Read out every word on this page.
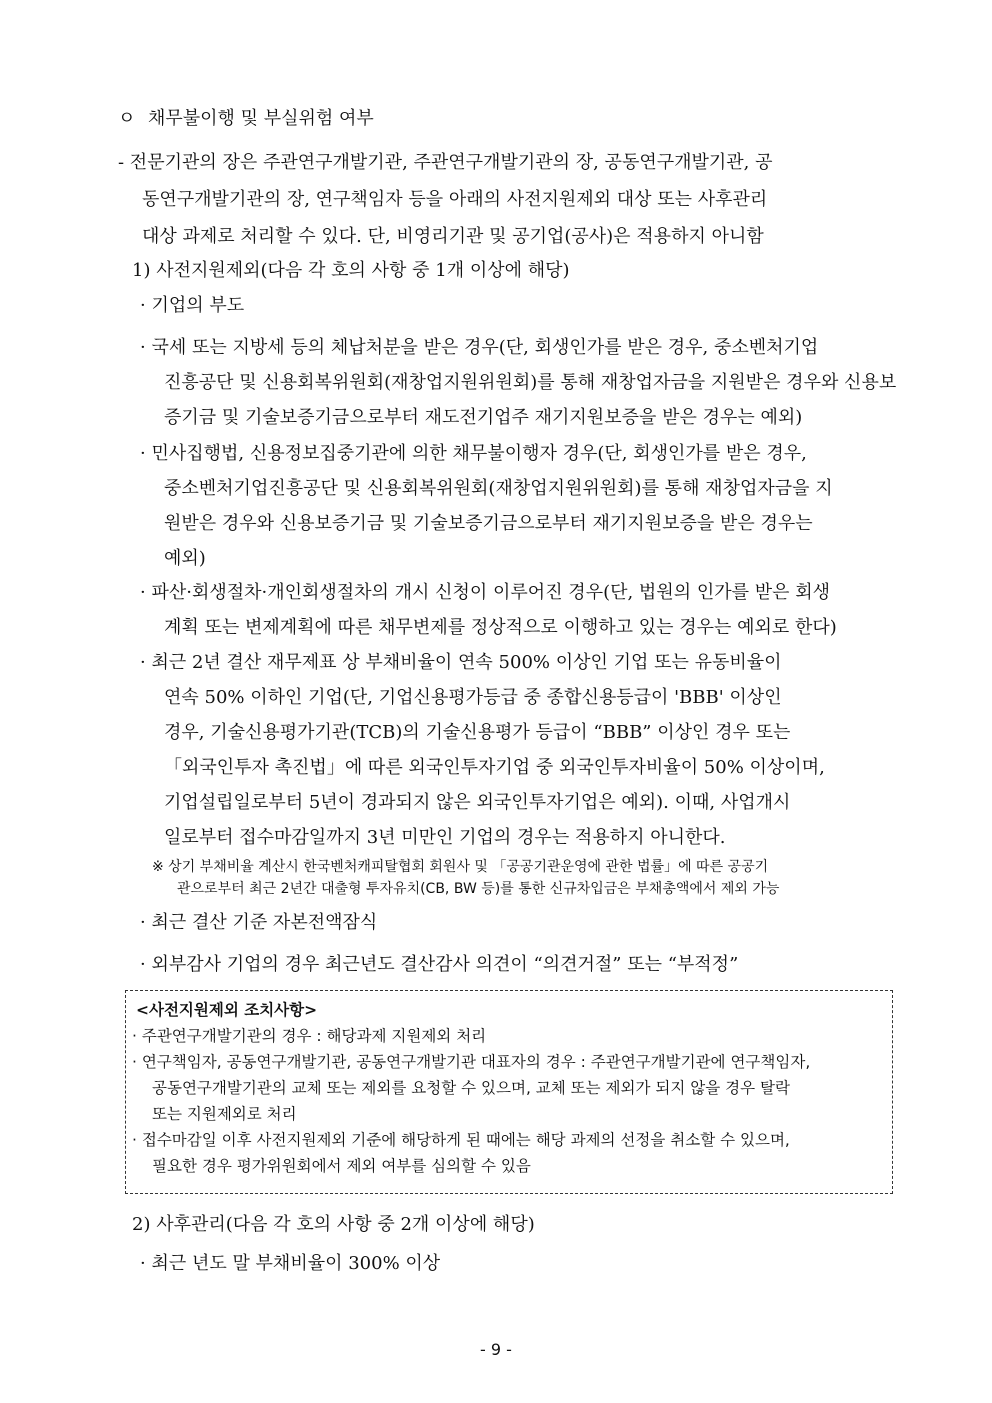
ㅇ 채무불이행 및 부실위험 여부
- 전문기관의 장은 주관연구개발기관, 주관연구개발기관의 장, 공동연구개발기관, 공
동연구개발기관의 장, 연구책임자 등을 아래의 사전지원제외 대상 또는 사후관리
대상 과제로 처리할 수 있다. 단, 비영리기관 및 공기업(공사)은 적용하지 아니함
1) 사전지원제외(다음 각 호의 사항 중 1개 이상에 해당)
· 기업의 부도
· 국세 또는 지방세 등의 체납처분을 받은 경우(단, 회생인가를 받은 경우, 중소벤처기업
진흥공단 및 신용회복위원회(재창업지원위원회)를 통해 재창업자금을 지원받은 경우와 신용보
증기금 및 기술보증기금으로부터 재도전기업주 재기지원보증을 받은 경우는 예외)
· 민사집행법, 신용정보집중기관에 의한 채무불이행자 경우(단, 회생인가를 받은 경우,
중소벤처기업진흥공단 및 신용회복위원회(재창업지원위원회)를 통해 재창업자금을 지
원받은 경우와 신용보증기금 및 기술보증기금으로부터 재기지원보증을 받은 경우는
예외)
· 파산·회생절차·개인회생절차의 개시 신청이 이루어진 경우(단, 법원의 인가를 받은 회생
계획 또는 변제계획에 따른 채무변제를 정상적으로 이행하고 있는 경우는 예외로 한다)
· 최근 2년 결산 재무제표 상 부채비율이 연속 500% 이상인 기업 또는 유동비율이
연속 50% 이하인 기업(단, 기업신용평가등급 중 종합신용등급이 'BBB' 이상인
경우, 기술신용평가기관(TCB)의 기술신용평가 등급이 “BBB” 이상인 경우 또는
「외국인투자 촉진법」에 따른 외국인투자기업 중 외국인투자비율이 50% 이상이며,
기업설립일로부터 5년이 경과되지 않은 외국인투자기업은 예외). 이때, 사업개시
일로부터 접수마감일까지 3년 미만인 기업의 경우는 적용하지 아니한다.
※ 상기 부채비율 계산시 한국벤처캐피탈협회 회원사 및 「공공기관운영에 관한 법률」에 따른 공공기
관으로부터 최근 2년간 대출형 투자유치(CB, BW 등)를 통한 신규차입금은 부채총액에서 제외 가능
· 최근 결산 기준 자본전액잠식
· 외부감사 기업의 경우 최근년도 결산감사 의견이 “의견거절” 또는 “부적정”
<사전지원제외 조치사항>
· 주관연구개발기관의 경우 : 해당과제 지원제외 처리
· 연구책임자, 공동연구개발기관, 공동연구개발기관 대표자의 경우 : 주관연구개발기관에 연구책임자,
공동연구개발기관의 교체 또는 제외를 요청할 수 있으며, 교체 또는 제외가 되지 않을 경우 탈락
또는 지원제외로 처리
· 접수마감일 이후 사전지원제외 기준에 해당하게 된 때에는 해당 과제의 선정을 취소할 수 있으며,
필요한 경우 평가위원회에서 제외 여부를 심의할 수 있음
2) 사후관리(다음 각 호의 사항 중 2개 이상에 해당)
· 최근 년도 말 부채비율이 300% 이상
- 9 -
